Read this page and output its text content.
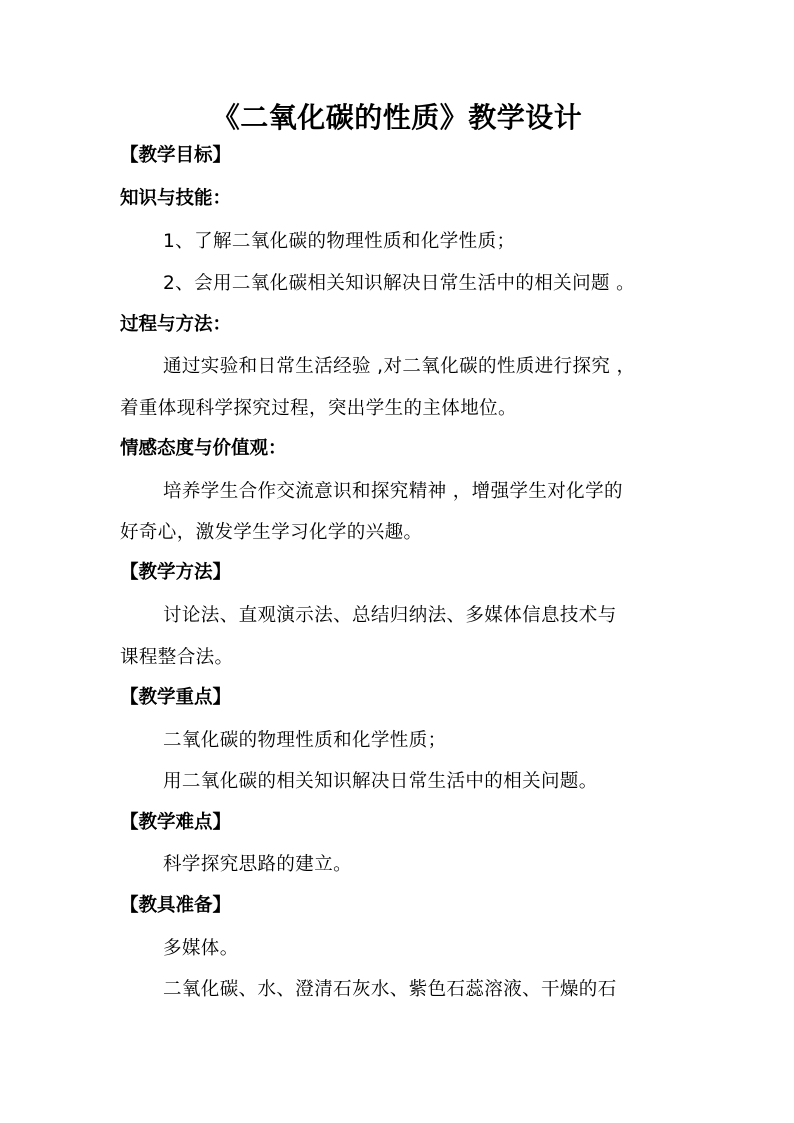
《二氧化碳的性质》教学设计
【教学目标】
知识与技能：
1、了解二氧化碳的物理性质和化学性质；
2、会用二氧化碳相关知识解决日常生活中的相关问题 。
过程与方法：
通过实验和日常生活经验 ,对二氧化碳的性质进行探究 ，
着重体现科学探究过程，突出学生的主体地位。
情感态度与价值观：
培养学生合作交流意识和探究精神 ，增强学生对化学的
好奇心，激发学生学习化学的兴趣。
【教学方法】
讨论法、直观演示法、总结归纳法、多媒体信息技术与
课程整合法。
【教学重点】
二氧化碳的物理性质和化学性质；
用二氧化碳的相关知识解决日常生活中的相关问题。
【教学难点】
科学探究思路的建立。
【教具准备】
多媒体。
二氧化碳、水、澄清石灰水、紫色石蕊溶液、干燥的石
